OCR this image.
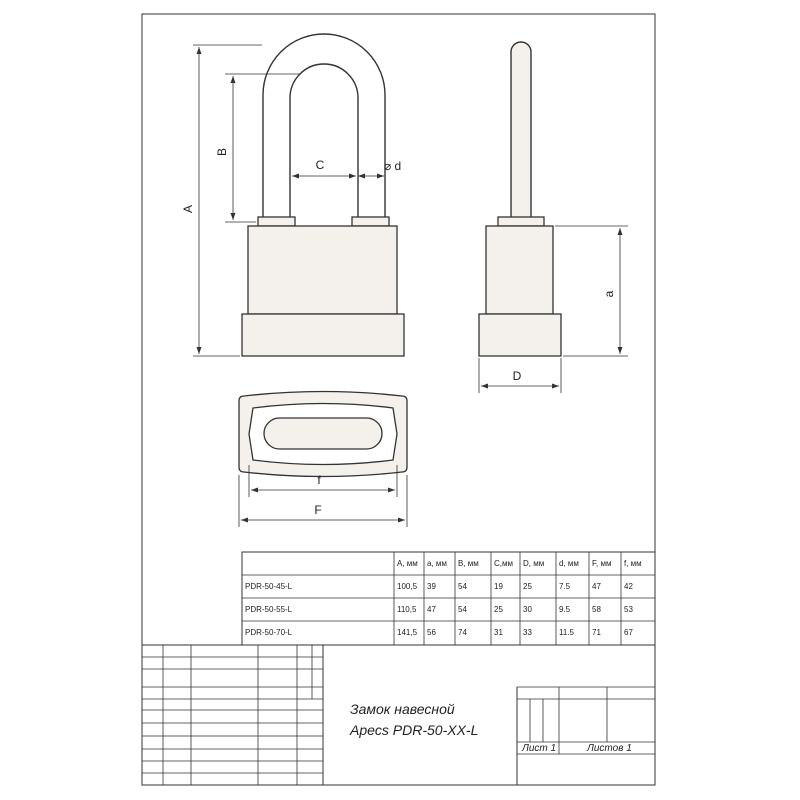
A
B
C	⌀ d
a
D
f
F
A, мм a, мм B, мм C,мм D, мм d, мм F, мм f, мм
PDR-50-45-L	100,5 39	54	19	25	7.5	47	42
PDR-50-55-L	110,5 47	54	25	30	9.5	58	53
PDR-50-70-L	141,5 56	74	31	33	11.5 71	67
Замок навесной
Apecs PDR-50-XX-L
Лист 1	Листов 1
